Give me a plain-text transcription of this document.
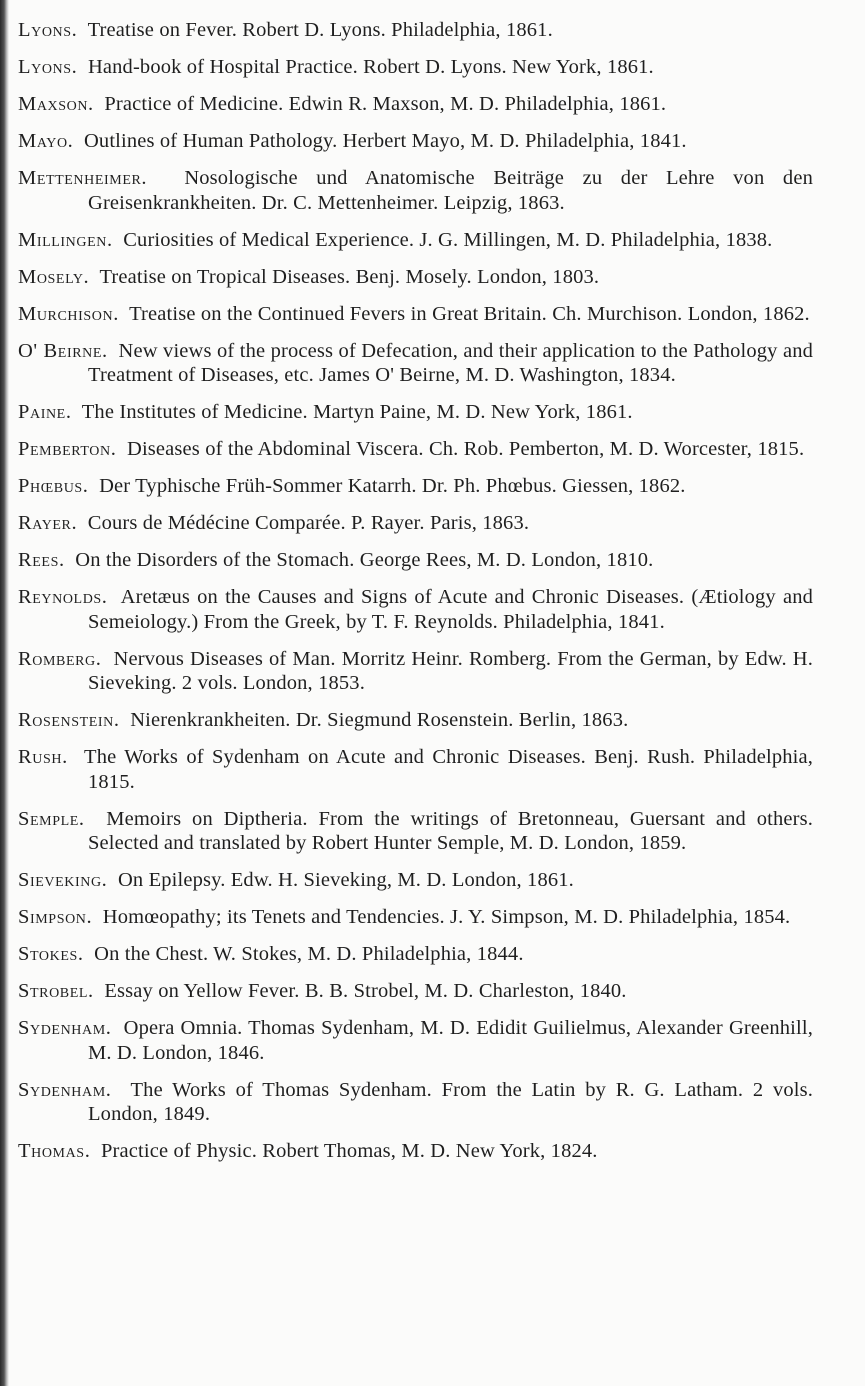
Lyons. Treatise on Fever. Robert D. Lyons. Philadelphia, 1861.

Lyons. Hand-book of Hospital Practice. Robert D. Lyons. New York, 1861.

Maxson. Practice of Medicine. Edwin R. Maxson, M. D. Philadelphia, 1861.

Mayo. Outlines of Human Pathology. Herbert Mayo, M. D. Philadelphia, 1841.

Mettenheimer. Nosologische und Anatomische Beiträge zu der Lehre von den Greisenkrankheiten. Dr. C. Mettenheimer. Leipzig, 1863.

Millingen. Curiosities of Medical Experience. J. G. Millingen, M. D. Philadelphia, 1838.

Mosely. Treatise on Tropical Diseases. Benj. Mosely. London, 1803.

Murchison. Treatise on the Continued Fevers in Great Britain. Ch. Murchison. London, 1862.

O' Beirne. New views of the process of Defecation, and their application to the Pathology and Treatment of Diseases, etc. James O' Beirne, M. D. Washington, 1834.

Paine. The Institutes of Medicine. Martyn Paine, M. D. New York, 1861.

Pemberton. Diseases of the Abdominal Viscera. Ch. Rob. Pemberton, M. D. Worcester, 1815.

Phœbus. Der Typhische Früh-Sommer Katarrh. Dr. Ph. Phœbus. Giessen, 1862.

Rayer. Cours de Médécine Comparée. P. Rayer. Paris, 1863.

Rees. On the Disorders of the Stomach. George Rees, M. D. London, 1810.

Reynolds. Aretæus on the Causes and Signs of Acute and Chronic Diseases. (Ætiology and Semeiology.) From the Greek, by T. F. Reynolds. Philadelphia, 1841.

Romberg. Nervous Diseases of Man. Morritz Heinr. Romberg. From the German, by Edw. H. Sieveking. 2 vols. London, 1853.

Rosenstein. Nierenkrankheiten. Dr. Siegmund Rosenstein. Berlin, 1863.

Rush. The Works of Sydenham on Acute and Chronic Diseases. Benj. Rush. Philadelphia, 1815.

Semple. Memoirs on Diptheria. From the writings of Bretonneau, Guersant and others. Selected and translated by Robert Hunter Semple, M. D. London, 1859.

Sieveking. On Epilepsy. Edw. H. Sieveking, M. D. London, 1861.

Simpson. Homœopathy; its Tenets and Tendencies. J. Y. Simpson, M. D. Philadelphia, 1854.

Stokes. On the Chest. W. Stokes, M. D. Philadelphia, 1844.

Strobel. Essay on Yellow Fever. B. B. Strobel, M. D. Charleston, 1840.

Sydenham. Opera Omnia. Thomas Sydenham, M. D. Edidit Guilielmus, Alexander Greenhill, M. D. London, 1846.

Sydenham. The Works of Thomas Sydenham. From the Latin by R. G. Latham. 2 vols. London, 1849.

Thomas. Practice of Physic. Robert Thomas, M. D. New York, 1824.
